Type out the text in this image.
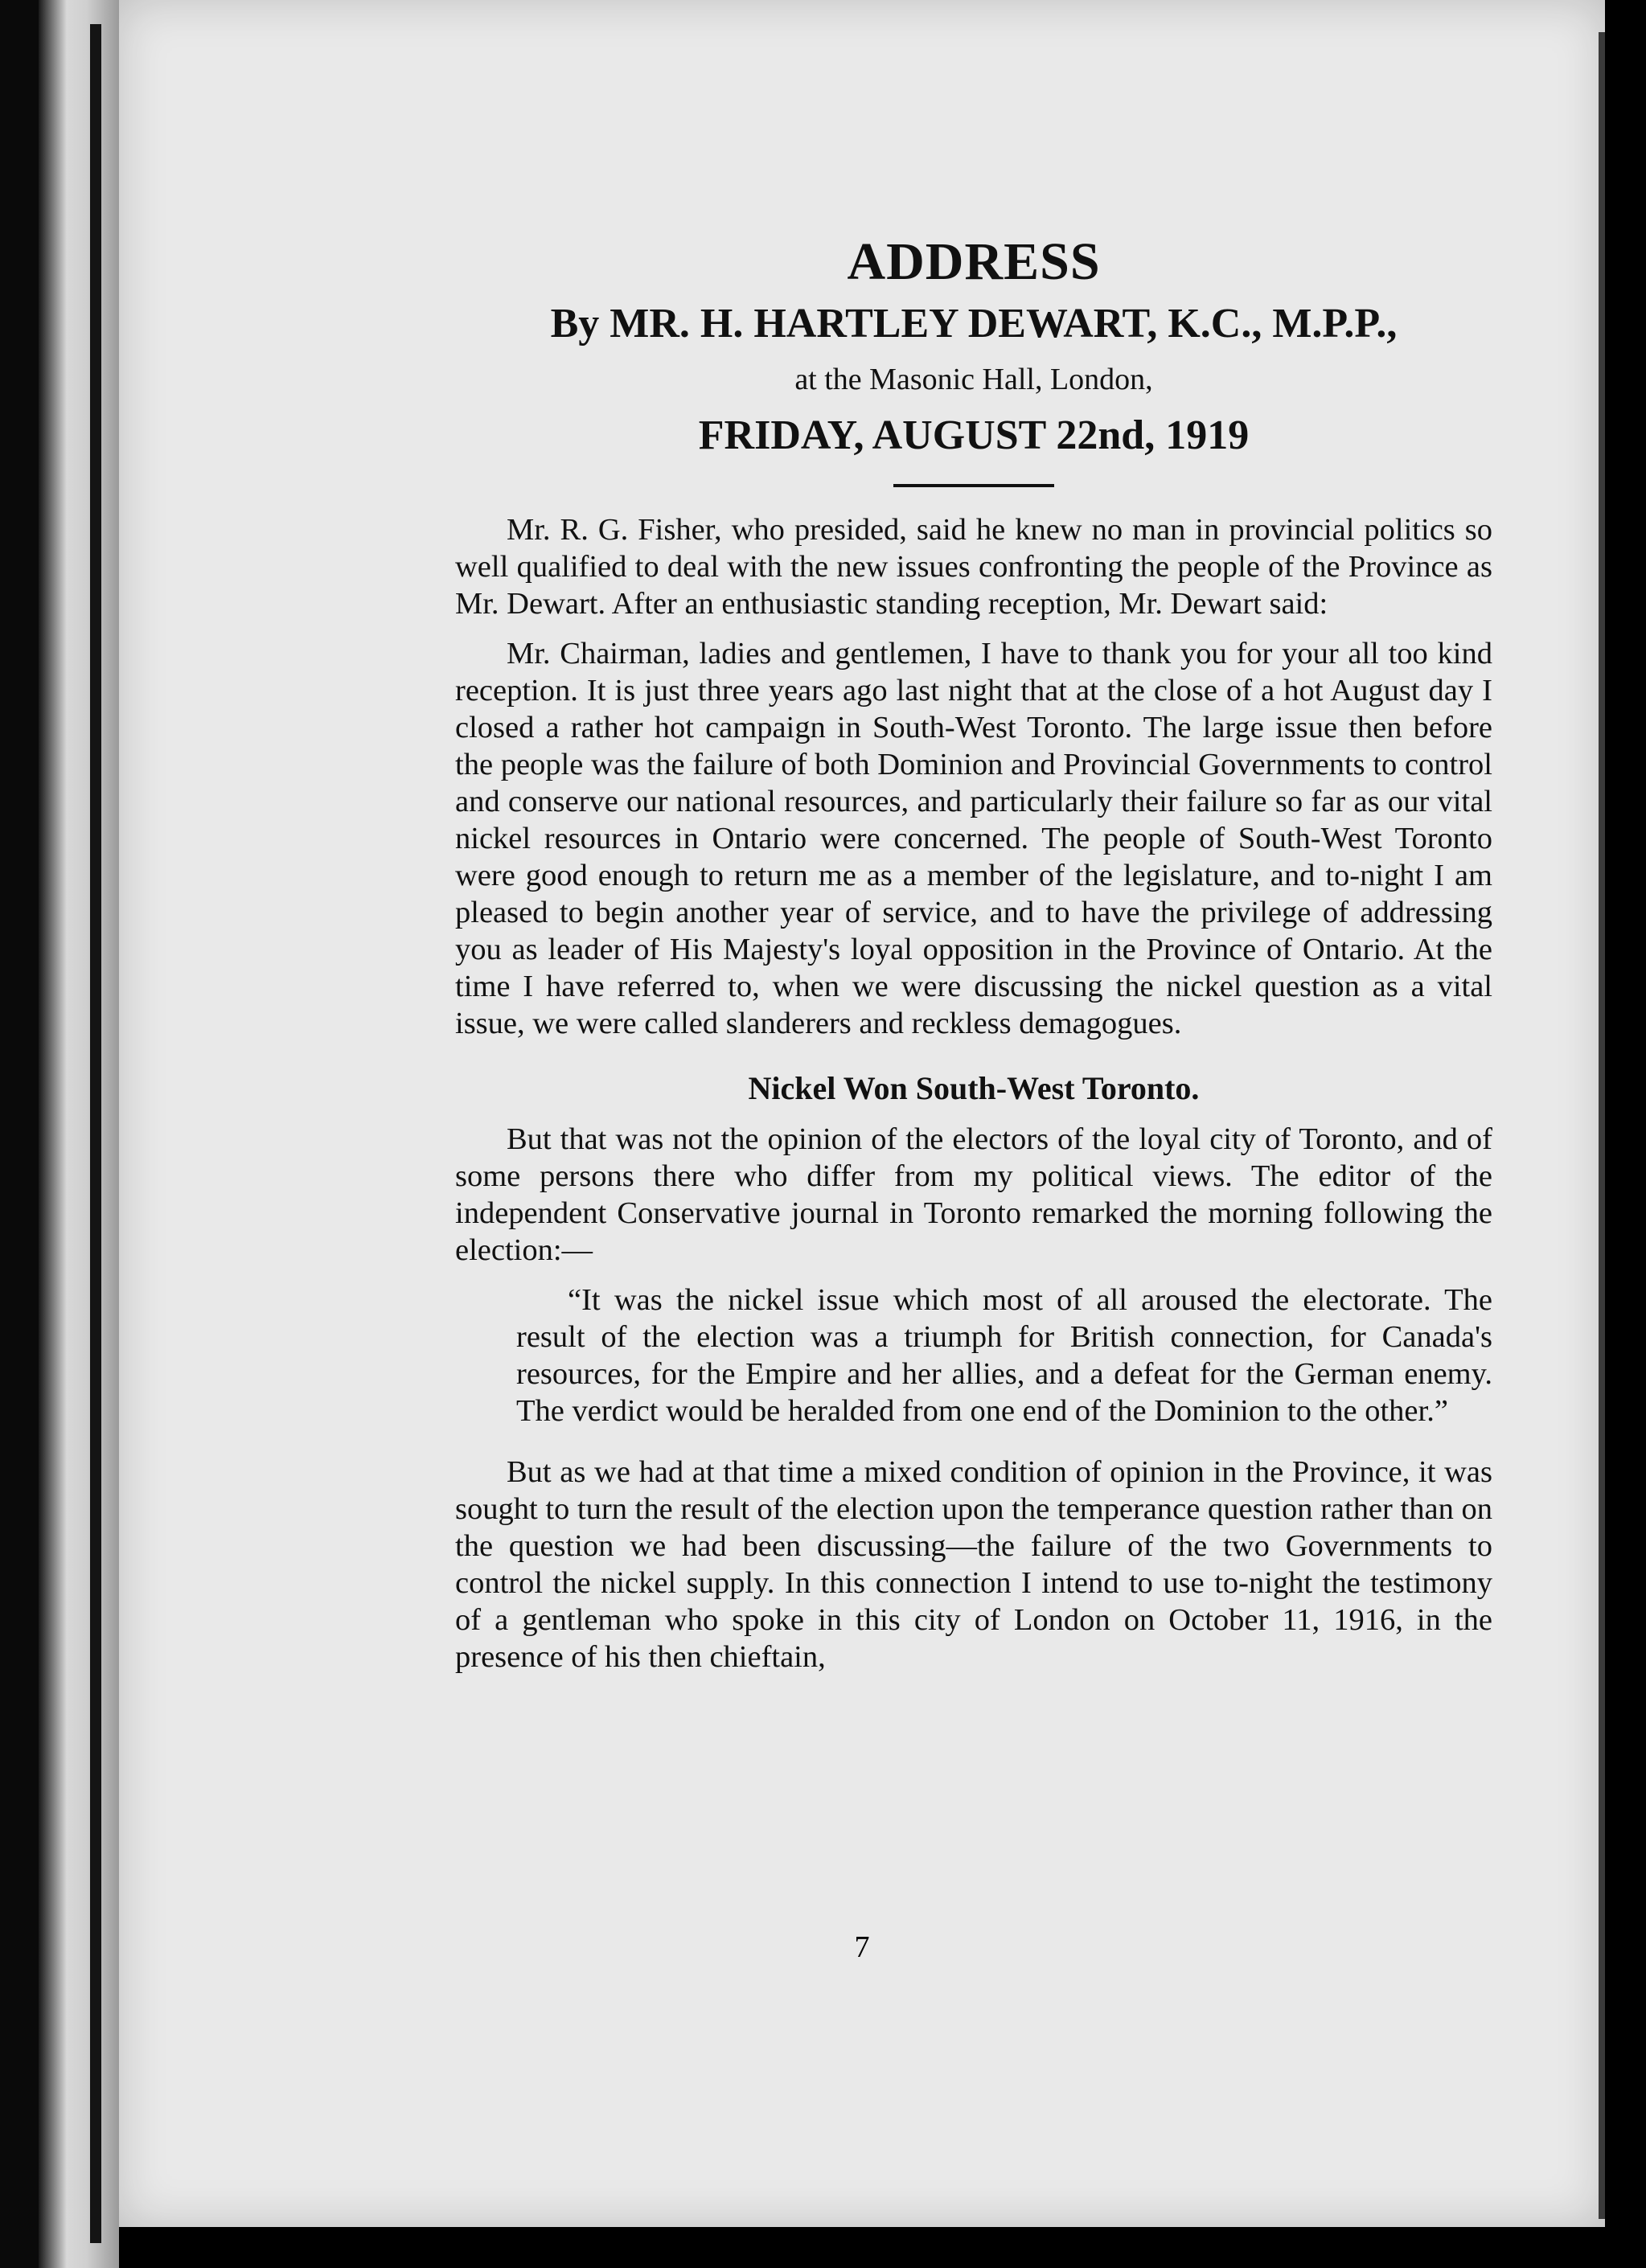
ADDRESS
By MR. H. HARTLEY DEWART, K.C., M.P.P.,
at the Masonic Hall, London,
FRIDAY, AUGUST 22nd, 1919

Mr. R. G. Fisher, who presided, said he knew no man in provincial politics so well qualified to deal with the new issues confronting the people of the Province as Mr. Dewart. After an enthusiastic standing reception, Mr. Dewart said:

Mr. Chairman, ladies and gentlemen, I have to thank you for your all too kind reception. It is just three years ago last night that at the close of a hot August day I closed a rather hot campaign in South-West Toronto. The large issue then before the people was the failure of both Dominion and Provincial Governments to control and conserve our national resources, and particularly their failure so far as our vital nickel resources in Ontario were concerned. The people of South-West Toronto were good enough to return me as a member of the legislature, and to-night I am pleased to begin another year of service, and to have the privilege of addressing you as leader of His Majesty's loyal opposition in the Province of Ontario. At the time I have referred to, when we were discussing the nickel question as a vital issue, we were called slanderers and reckless demagogues.

Nickel Won South-West Toronto.

But that was not the opinion of the electors of the loyal city of Toronto, and of some persons there who differ from my political views. The editor of the independent Conservative journal in Toronto remarked the morning following the election:—

“It was the nickel issue which most of all aroused the electorate. The result of the election was a triumph for British connection, for Canada's resources, for the Empire and her allies, and a defeat for the German enemy. The verdict would be heralded from one end of the Dominion to the other.”

But as we had at that time a mixed condition of opinion in the Province, it was sought to turn the result of the election upon the temperance question rather than on the question we had been discussing—the failure of the two Governments to control the nickel supply. In this connection I intend to use to-night the testimony of a gentleman who spoke in this city of London on October 11, 1916, in the presence of his then chieftain,

7
